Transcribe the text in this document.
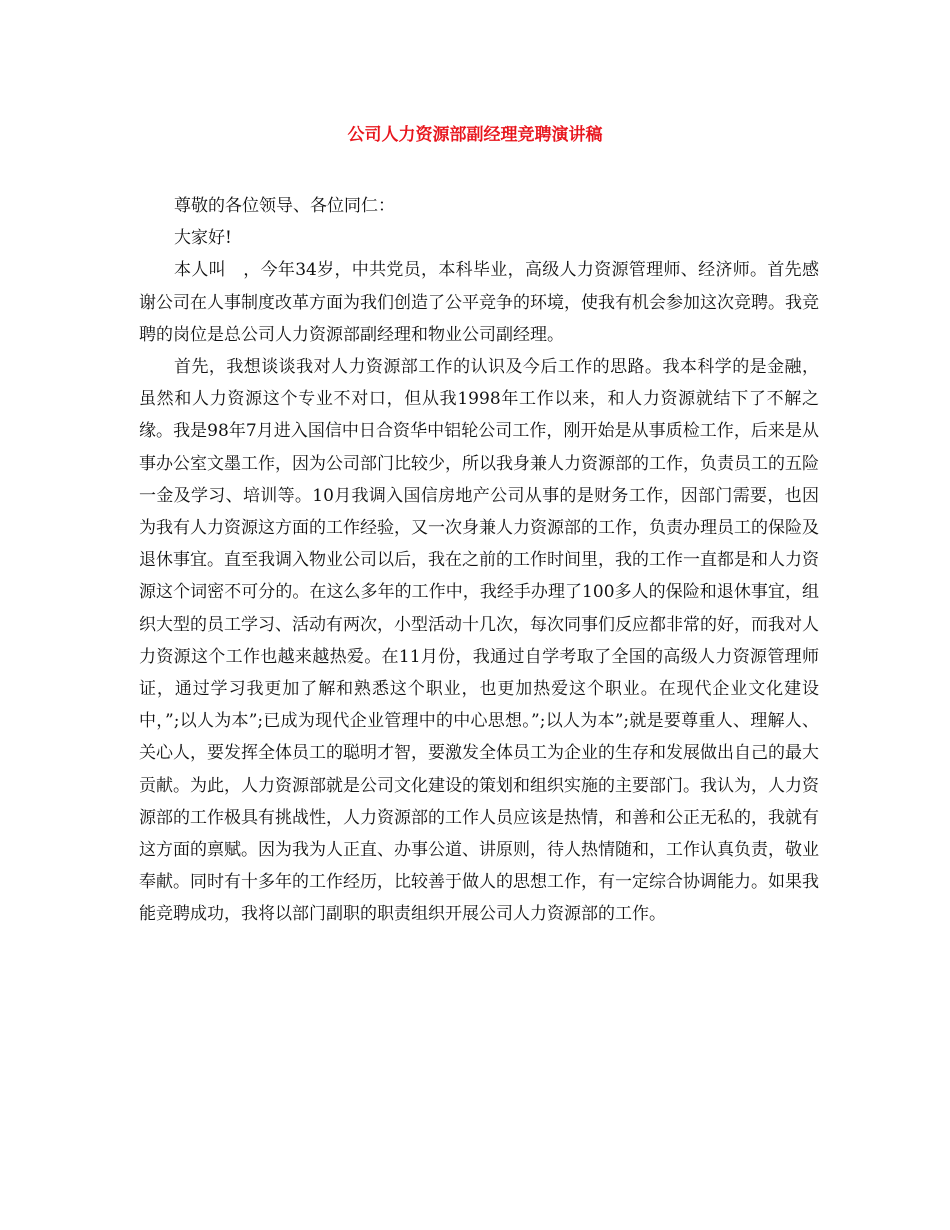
公司人力资源部副经理竞聘演讲稿

尊敬的各位领导、各位同仁：

大家好!

本人叫　，今年34岁，中共党员，本科毕业，高级人力资源管理师、经济师。首先感谢公司在人事制度改革方面为我们创造了公平竞争的环境，使我有机会参加这次竞聘。我竞聘的岗位是总公司人力资源部副经理和物业公司副经理。

首先，我想谈谈我对人力资源部工作的认识及今后工作的思路。我本科学的是金融，虽然和人力资源这个专业不对口，但从我1998年工作以来，和人力资源就结下了不解之缘。我是98年7月进入国信中日合资华中铝轮公司工作，刚开始是从事质检工作，后来是从事办公室文墨工作，因为公司部门比较少，所以我身兼人力资源部的工作，负责员工的五险一金及学习、培训等。10月我调入国信房地产公司从事的是财务工作，因部门需要，也因为我有人力资源这方面的工作经验，又一次身兼人力资源部的工作，负责办理员工的保险及退休事宜。直至我调入物业公司以后，我在之前的工作时间里，我的工作一直都是和人力资源这个词密不可分的。在这么多年的工作中，我经手办理了100多人的保险和退休事宜，组织大型的员工学习、活动有两次，小型活动十几次，每次同事们反应都非常的好，而我对人力资源这个工作也越来越热爱。在11月份，我通过自学考取了全国的高级人力资源管理师证，通过学习我更加了解和熟悉这个职业，也更加热爱这个职业。在现代企业文化建设中，”;以人为本”;已成为现代企业管理中的中心思想。”;以人为本”;就是要尊重人、理解人、关心人，要发挥全体员工的聪明才智，要激发全体员工为企业的生存和发展做出自己的最大贡献。为此，人力资源部就是公司文化建设的策划和组织实施的主要部门。我认为，人力资源部的工作极具有挑战性，人力资源部的工作人员应该是热情，和善和公正无私的，我就有这方面的禀赋。因为我为人正直、办事公道、讲原则，待人热情随和，工作认真负责，敬业奉献。同时有十多年的工作经历，比较善于做人的思想工作，有一定综合协调能力。如果我能竞聘成功，我将以部门副职的职责组织开展公司人力资源部的工作。
